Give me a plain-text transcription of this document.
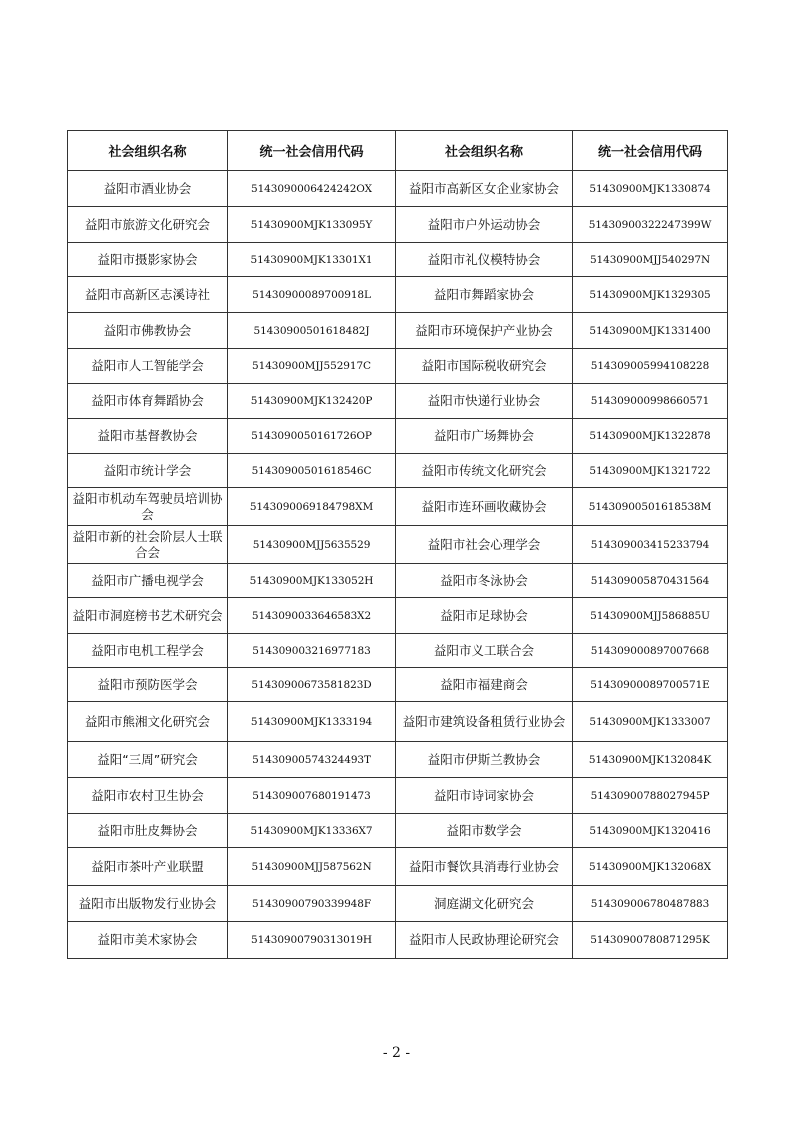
社会组织名称	统一社会信用代码	社会组织名称	统一社会信用代码
益阳市酒业协会	5143090006424242OX	益阳市高新区女企业家协会	51430900MJK1330874
益阳市旅游文化研究会	51430900MJK133095Y	益阳市户外运动协会	514309003222473​99W
益阳市摄影家协会	51430900MJK13301X1	益阳市礼仪模特协会	51430900MJJ540297N
益阳市高新区志溪诗社	51430900089700918L	益阳市舞蹈家协会	51430900MJK1329305
益阳市佛教协会	514309005016184​82J	益阳市环境保护产业协会	51430900MJK1331400
益阳市人工智能学会	51430900MJJ552917C	益阳市国际税收研究会	51430900599410​8228
益阳市体育舞蹈协会	51430900MJK132420P	益阳市快递行业协会	51430900099866057​1
益阳市基督教协会	5143090050161726OP	益阳市广场舞协会	51430900MJK1322878
益阳市统计学会	51430900501618546C	益阳市传统文化研究会	51430900MJK1321722
益阳市机动车驾驶员培训协会	514309006918479​8XM	益阳市连环画收藏协会	514309005016185​38M
益阳市新的社会阶层人士联合会	51430900MJJ5635529	益阳市社会心理学会	51430900341523​3794
益阳市广播电视学会	51430900MJK133052H	益阳市冬泳协会	51430900587043​1564
益阳市洞庭榜书艺术研究会	51430900336465​83X2	益阳市足球协会	51430900MJJ586885U
益阳市电机工程学会	51430900321697​7183	益阳市义工联合会	51430900089700​7668
益阳市预防医学会	51430900673581823D	益阳市福建商会	5143090008970057​1E
益阳市熊湘文化研究会	51430900MJK1333194	益阳市建筑设备租赁行业协会	51430900MJK1333007
益阳“三周”研究会	514309005743244​93T	益阳市伊斯兰教协会	51430900MJK132084K
益阳市农村卫生协会	5143090076801914​73	益阳市诗词家协会	514309007880279​45P
益阳市肚皮舞协会	51430900MJK13336X7	益阳市数学会	51430900MJK1320416
益阳市茶叶产业联盟	51430900MJJ587562N	益阳市餐饮具消毒行业协会	51430900MJK132068X
益阳市出版物发行业协会	51430900790339948F	洞庭湖文化研究会	514309006780487883
益阳市美术家协会	51430900790313019H	益阳市人民政协理论研究会	51430900780871295K
- 2 -
